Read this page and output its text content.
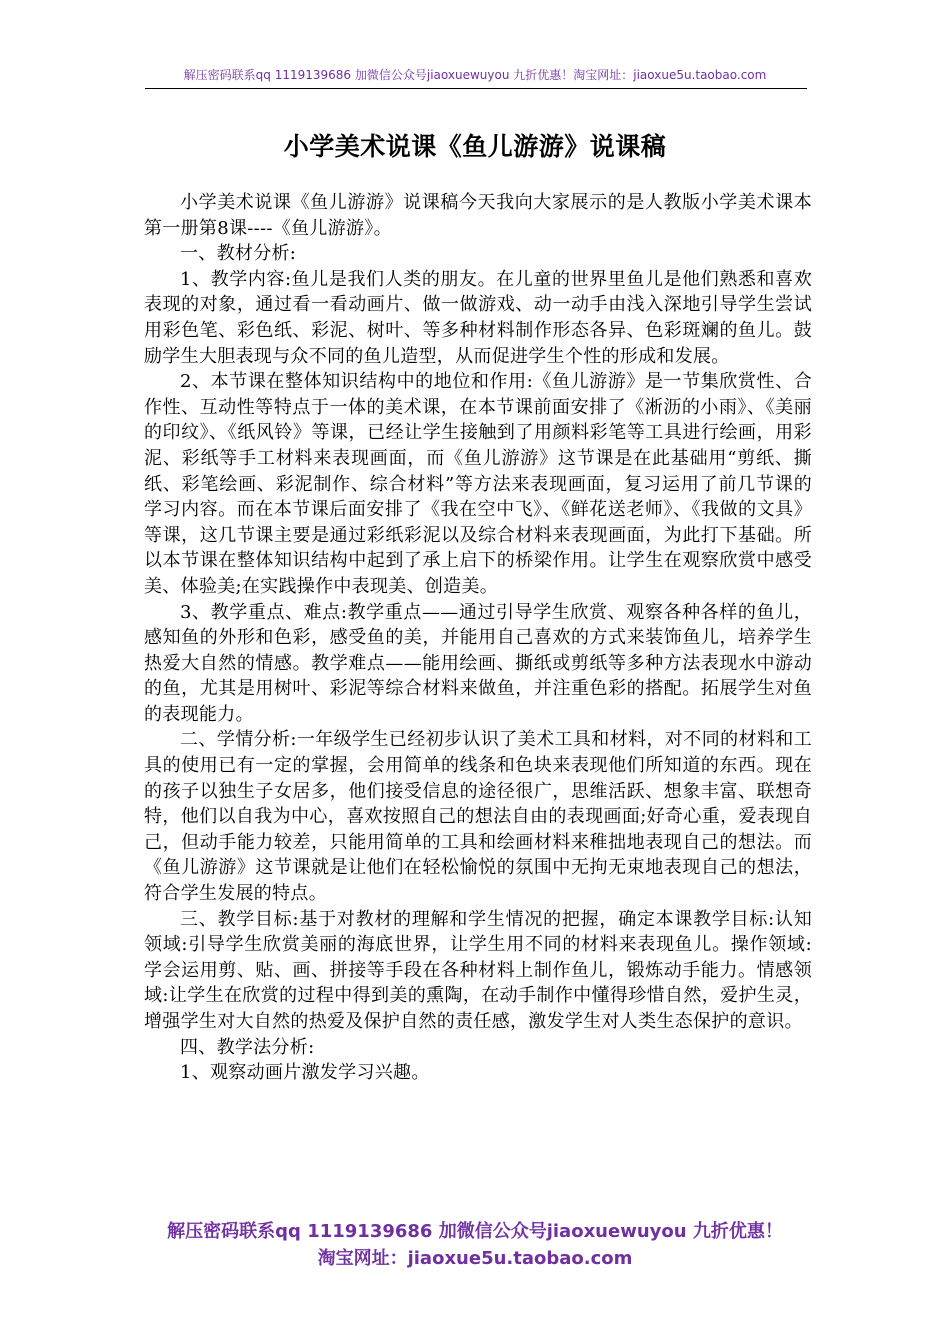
解压密码联系qq 1119139686 加微信公众号jiaoxuewuyou 九折优惠！淘宝网址：jiaoxue5u.taobao.com
小学美术说课《鱼儿游游》说课稿

小学美术说课《鱼儿游游》说课稿今天我向大家展示的是人教版小学美术课本第一册第8课----《鱼儿游游》。

一、教材分析:

1、教学内容:鱼儿是我们人类的朋友。在儿童的世界里鱼儿是他们熟悉和喜欢表现的对象，通过看一看动画片、做一做游戏、动一动手由浅入深地引导学生尝试用彩色笔、彩色纸、彩泥、树叶、等多种材料制作形态各异、色彩斑斓的鱼儿。鼓励学生大胆表现与众不同的鱼儿造型，从而促进学生个性的形成和发展。

2、本节课在整体知识结构中的地位和作用:《鱼儿游游》是一节集欣赏性、合作性、互动性等特点于一体的美术课，在本节课前面安排了《淅沥的小雨》、《美丽的印纹》、《纸风铃》等课，已经让学生接触到了用颜料彩笔等工具进行绘画，用彩泥、彩纸等手工材料来表现画面，而《鱼儿游游》这节课是在此基础用“剪纸、撕纸、彩笔绘画、彩泥制作、综合材料”等方法来表现画面，复习运用了前几节课的学习内容。而在本节课后面安排了《我在空中飞》、《鲜花送老师》、《我做的文具》等课，这几节课主要是通过彩纸彩泥以及综合材料来表现画面，为此打下基础。所以本节课在整体知识结构中起到了承上启下的桥梁作用。让学生在观察欣赏中感受美、体验美;在实践操作中表现美、创造美。

3、教学重点、难点:教学重点——通过引导学生欣赏、观察各种各样的鱼儿，感知鱼的外形和色彩，感受鱼的美，并能用自己喜欢的方式来装饰鱼儿，培养学生热爱大自然的情感。教学难点——能用绘画、撕纸或剪纸等多种方法表现水中游动的鱼，尤其是用树叶、彩泥等综合材料来做鱼，并注重色彩的搭配。拓展学生对鱼的表现能力。

二、学情分析:一年级学生已经初步认识了美术工具和材料，对不同的材料和工具的使用已有一定的掌握，会用简单的线条和色块来表现他们所知道的东西。现在的孩子以独生子女居多，他们接受信息的途径很广，思维活跃、想象丰富、联想奇特，他们以自我为中心，喜欢按照自己的想法自由的表现画面;好奇心重，爱表现自己，但动手能力较差，只能用简单的工具和绘画材料来稚拙地表现自己的想法。而《鱼儿游游》这节课就是让他们在轻松愉悦的氛围中无拘无束地表现自己的想法，符合学生发展的特点。

三、教学目标:基于对教材的理解和学生情况的把握，确定本课教学目标:认知领域:引导学生欣赏美丽的海底世界，让学生用不同的材料来表现鱼儿。操作领域:学会运用剪、贴、画、拼接等手段在各种材料上制作鱼儿，锻炼动手能力。情感领域:让学生在欣赏的过程中得到美的熏陶，在动手制作中懂得珍惜自然，爱护生灵，增强学生对大自然的热爱及保护自然的责任感，激发学生对人类生态保护的意识。

四、教学法分析:

1、观察动画片激发学习兴趣。

解压密码联系qq 1119139686 加微信公众号jiaoxuewuyou 九折优惠！
淘宝网址：jiaoxue5u.taobao.com
